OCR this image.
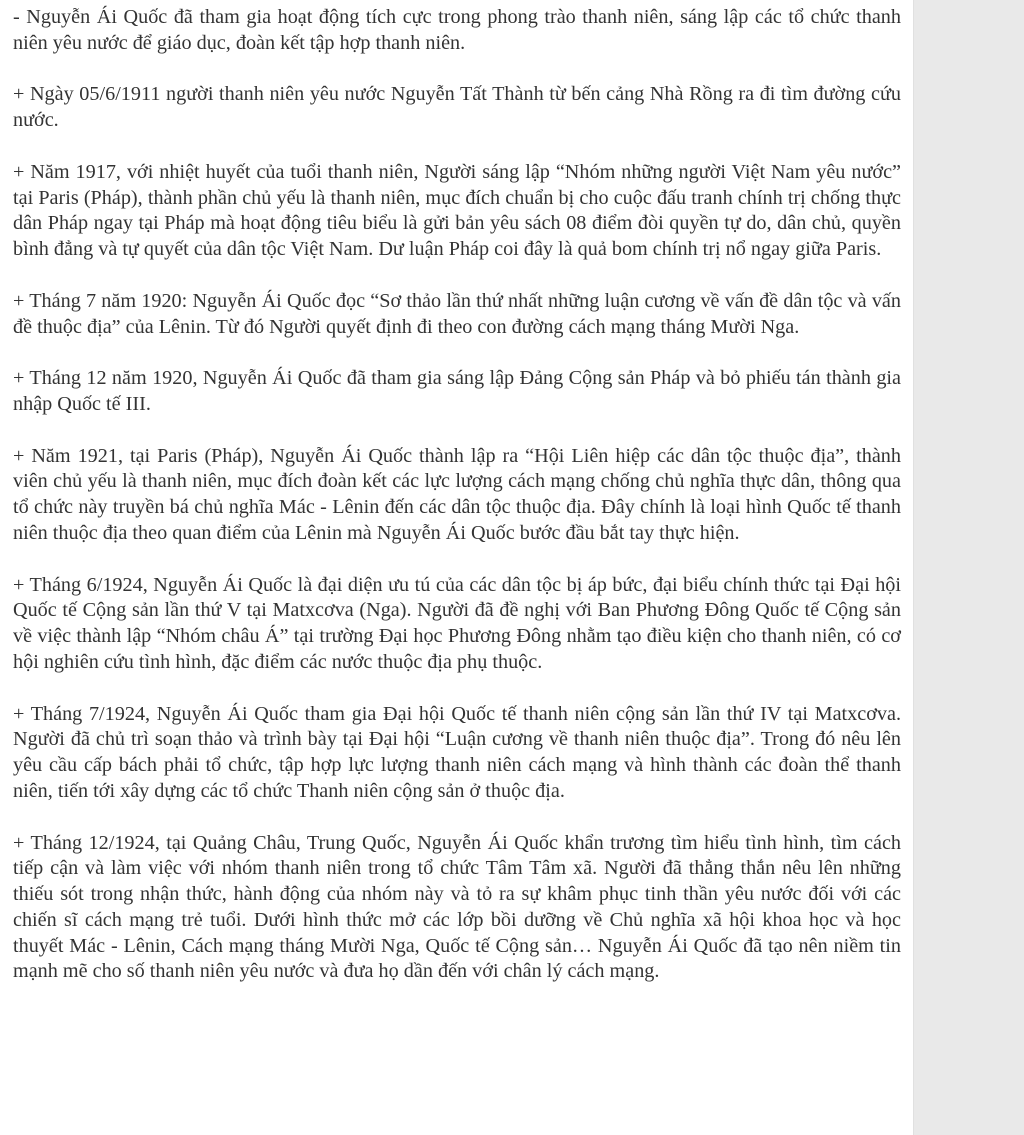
- Nguyễn Ái Quốc đã tham gia hoạt động tích cực trong phong trào thanh niên, sáng lập các tổ chức thanh niên yêu nước để giáo dục, đoàn kết tập hợp thanh niên.

+ Ngày 05/6/1911 người thanh niên yêu nước Nguyễn Tất Thành từ bến cảng Nhà Rồng ra đi tìm đường cứu nước.

+ Năm 1917, với nhiệt huyết của tuổi thanh niên, Người sáng lập “Nhóm những người Việt Nam yêu nước” tại Paris (Pháp), thành phần chủ yếu là thanh niên, mục đích chuẩn bị cho cuộc đấu tranh chính trị chống thực dân Pháp ngay tại Pháp mà hoạt động tiêu biểu là gửi bản yêu sách 08 điểm đòi quyền tự do, dân chủ, quyền bình đẳng và tự quyết của dân tộc Việt Nam. Dư luận Pháp coi đây là quả bom chính trị nổ ngay giữa Paris.

+ Tháng 7 năm 1920: Nguyễn Ái Quốc đọc “Sơ thảo lần thứ nhất những luận cương về vấn đề dân tộc và vấn đề thuộc địa” của Lênin. Từ đó Người quyết định đi theo con đường cách mạng tháng Mười Nga.

+ Tháng 12 năm 1920, Nguyễn Ái Quốc đã tham gia sáng lập Đảng Cộng sản Pháp và bỏ phiếu tán thành gia nhập Quốc tế III.

+ Năm 1921, tại Paris (Pháp), Nguyễn Ái Quốc thành lập ra “Hội Liên hiệp các dân tộc thuộc địa”, thành viên chủ yếu là thanh niên, mục đích đoàn kết các lực lượng cách mạng chống chủ nghĩa thực dân, thông qua tổ chức này truyền bá chủ nghĩa Mác - Lênin đến các dân tộc thuộc địa. Đây chính là loại hình Quốc tế thanh niên thuộc địa theo quan điểm của Lênin mà Nguyễn Ái Quốc bước đầu bắt tay thực hiện.

+ Tháng 6/1924, Nguyễn Ái Quốc là đại diện ưu tú của các dân tộc bị áp bức, đại biểu chính thức tại Đại hội Quốc tế Cộng sản lần thứ V tại Matxcơva (Nga). Người đã đề nghị với Ban Phương Đông Quốc tế Cộng sản về việc thành lập “Nhóm châu Á” tại trường Đại học Phương Đông nhằm tạo điều kiện cho thanh niên, có cơ hội nghiên cứu tình hình, đặc điểm các nước thuộc địa phụ thuộc.

+ Tháng 7/1924, Nguyễn Ái Quốc tham gia Đại hội Quốc tế thanh niên cộng sản lần thứ IV tại Matxcơva. Người đã chủ trì soạn thảo và trình bày tại Đại hội “Luận cương về thanh niên thuộc địa”. Trong đó nêu lên yêu cầu cấp bách phải tổ chức, tập hợp lực lượng thanh niên cách mạng và hình thành các đoàn thể thanh niên, tiến tới xây dựng các tổ chức Thanh niên cộng sản ở thuộc địa.

+ Tháng 12/1924, tại Quảng Châu, Trung Quốc, Nguyễn Ái Quốc khẩn trương tìm hiểu tình hình, tìm cách tiếp cận và làm việc với nhóm thanh niên trong tổ chức Tâm Tâm xã. Người đã thẳng thắn nêu lên những thiếu sót trong nhận thức, hành động của nhóm này và tỏ ra sự khâm phục tinh thần yêu nước đối với các chiến sĩ cách mạng trẻ tuổi. Dưới hình thức mở các lớp bồi dưỡng về Chủ nghĩa xã hội khoa học và học thuyết Mác - Lênin, Cách mạng tháng Mười Nga, Quốc tế Cộng sản… Nguyễn Ái Quốc đã tạo nên niềm tin mạnh mẽ cho số thanh niên yêu nước và đưa họ dần đến với chân lý cách mạng.
